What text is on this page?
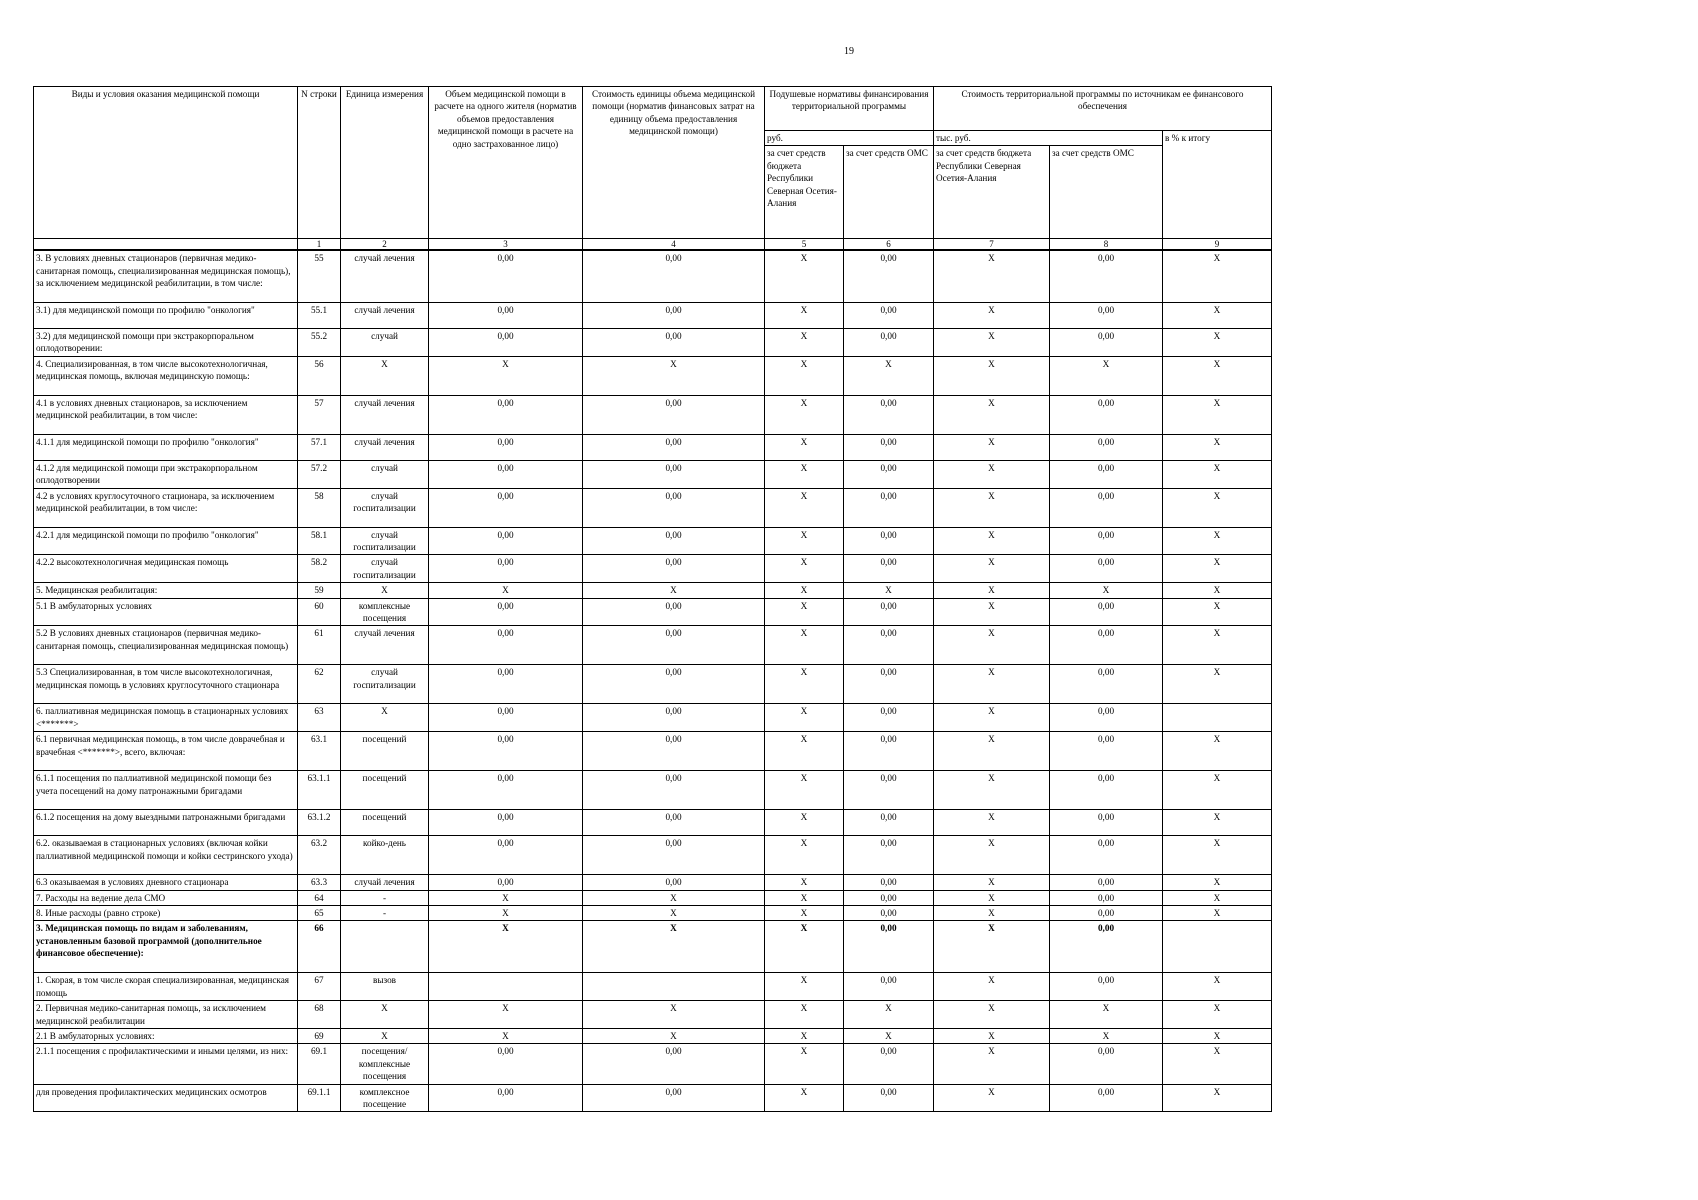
19
Виды и условия оказания медицинской помощи	N строки	Единица измерения	Объем медицинской помощи в расчете на одного жителя (норматив объемов предоставления медицинской помощи в расчете на одно застрахованное лицо)	Стоимость единицы объема медицинской помощи (норматив финансовых затрат на единицу объема предоставления медицинской помощи)	Подушевые нормативы финансирования территориальной программы		Стоимость территориальной программы по источникам ее финансового обеспечения		
					руб.		тыс. руб.		в % к итогу
					за счет средств бюджета Республики Северная Осетия-Алания	за счет средств ОМС	за счет средств бюджета Республики Северная Осетия-Алания	за счет средств ОМС	
	1	2	3	4	5	6	7	8	9
3. В условиях дневных стационаров (первичная медико-санитарная помощь, специализированная медицинская помощь), за исключением медицинской реабилитации, в том числе:	55	случай лечения	0,00	0,00	X	0,00	X	0,00	X
3.1) для медицинской помощи по профилю "онкология"	55.1	случай лечения	0,00	0,00	X	0,00	X	0,00	X
3.2) для медицинской помощи при экстракорпоральном оплодотворении:	55.2	случай	0,00	0,00	X	0,00	X	0,00	X
4. Специализированная, в том числе высокотехнологичная, медицинская помощь, включая медицинскую помощь:	56	X	X	X	X	X	X	X	X
4.1 в условиях дневных стационаров, за исключением медицинской реабилитации, в том числе:	57	случай лечения	0,00	0,00	X	0,00	X	0,00	X
4.1.1 для медицинской помощи по профилю "онкология"	57.1	случай лечения	0,00	0,00	X	0,00	X	0,00	X
4.1.2 для медицинской помощи при экстракорпоральном оплодотворении	57.2	случай	0,00	0,00	X	0,00	X	0,00	X
4.2 в условиях круглосуточного стационара, за исключением медицинской реабилитации, в том числе:	58	случай госпитализации	0,00	0,00	X	0,00	X	0,00	X
4.2.1 для медицинской помощи по профилю "онкология"	58.1	случай госпитализации	0,00	0,00	X	0,00	X	0,00	X
4.2.2 высокотехнологичная медицинская помощь	58.2	случай госпитализации	0,00	0,00	X	0,00	X	0,00	X
5. Медицинская реабилитация:	59	X	X	X	X	X	X	X	X
5.1 В амбулаторных условиях	60	комплексные посещения	0,00	0,00	X	0,00	X	0,00	X
5.2 В условиях дневных стационаров (первичная медико-санитарная помощь, специализированная медицинская помощь)	61	случай лечения	0,00	0,00	X	0,00	X	0,00	X
5.3 Специализированная, в том числе высокотехнологичная, медицинская помощь в условиях круглосуточного стационара	62	случай госпитализации	0,00	0,00	X	0,00	X	0,00	X
6. паллиативная медицинская помощь в стационарных условиях <*******>	63	X	0,00	0,00	X	0,00	X	0,00	
6.1 первичная медицинская помощь, в том числе доврачебная и врачебная <*******>, всего, включая:	63.1	посещений	0,00	0,00	X	0,00	X	0,00	X
6.1.1 посещения по паллиативной медицинской помощи без учета посещений на дому патронажными бригадами	63.1.1	посещений	0,00	0,00	X	0,00	X	0,00	X
6.1.2 посещения на дому выездными патронажными бригадами	63.1.2	посещений	0,00	0,00	X	0,00	X	0,00	X
6.2. оказываемая в стационарных условиях (включая койки паллиативной медицинской помощи и койки сестринского ухода)	63.2	койко-день	0,00	0,00	X	0,00	X	0,00	X
6.3 оказываемая в условиях дневного стационара	63.3	случай лечения	0,00	0,00	X	0,00	X	0,00	X
7. Расходы на ведение дела СМО	64	-	X	X	X	0,00	X	0,00	X
8. Иные расходы (равно строке)	65	-	X	X	X	0,00	X	0,00	X
3. Медицинская помощь по видам и заболеваниям, установленным базовой программой (дополнительное финансовое обеспечение):	66		X	X	X	0,00	X	0,00	
1. Скорая, в том числе скорая специализированная, медицинская помощь	67	вызов			X	0,00	X	0,00	X
2. Первичная медико-санитарная помощь, за исключением медицинской реабилитации	68	X	X	X	X	X	X	X	X
2.1 В амбулаторных условиях:	69	X	X	X	X	X	X	X	X
2.1.1 посещения с профилактическими и иными целями, из них:	69.1	посещения/комплексные посещения	0,00	0,00	X	0,00	X	0,00	X
для проведения профилактических медицинских осмотров	69.1.1	комплексное посещение	0,00	0,00	X	0,00	X	0,00	X
